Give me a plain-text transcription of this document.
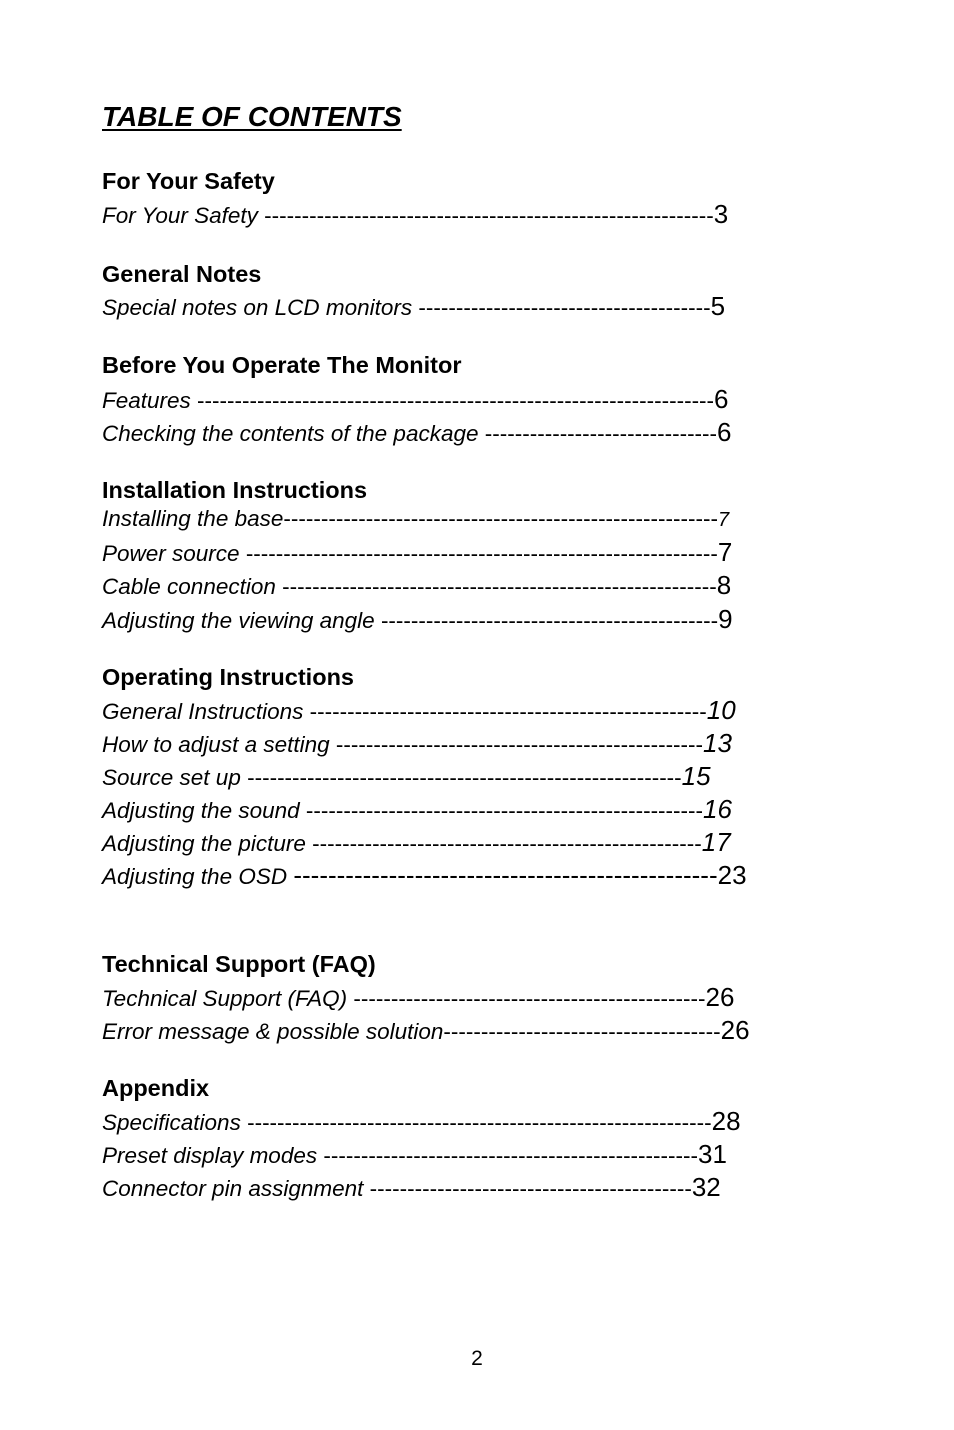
TABLE OF CONTENTS
For Your Safety
For Your Safety ------------------------------------------------------------3
General Notes
Special notes on LCD monitors ---------------------------------------5
Before You Operate The Monitor
Features ---------------------------------------------------------------------6
Checking the contents of the package -------------------------------6
Installation Instructions
Installing the base----------------------------------------------------------7
Power source ---------------------------------------------------------------7
Cable connection ----------------------------------------------------------8
Adjusting the viewing angle ---------------------------------------------9
Operating Instructions
General Instructions -----------------------------------------------------10
How to adjust a setting -------------------------------------------------13
Source set up ----------------------------------------------------------15
Adjusting the sound -----------------------------------------------------16
Adjusting the picture ----------------------------------------------------17
Adjusting the OSD -------------------------------------------------23
Technical Support (FAQ)
Technical Support (FAQ) -----------------------------------------------26
Error message & possible solution-------------------------------------26
Appendix
Specifications --------------------------------------------------------------28
Preset display modes --------------------------------------------------31
Connector pin assignment -------------------------------------------32
2
